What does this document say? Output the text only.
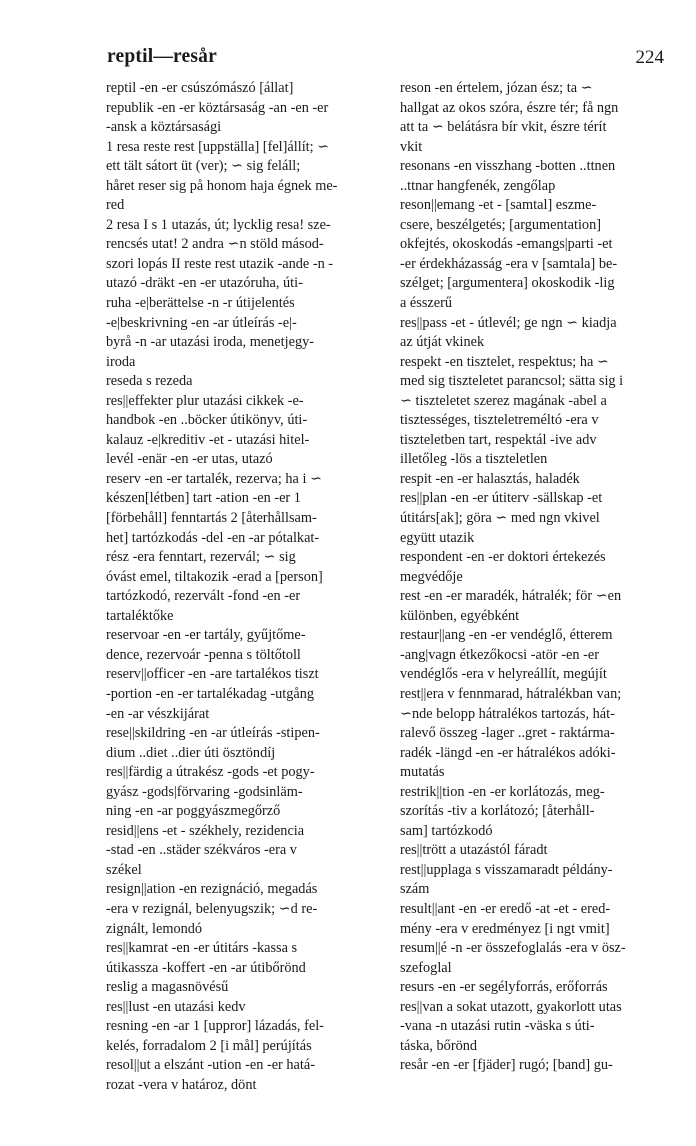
reptil—resår	224
reptil -en -er csúszómászó [állat]
republik -en -er köztársaság -an -en -er
-ansk a köztársasági
1 resa reste rest [uppställa] [fel]állít; ∽
ett tält sátort üt (ver); ∽ sig feláll;
håret reser sig på honom haja égnek me-
red
2 resa I s 1 utazás, út; lycklig resa! sze-
rencsés utat! 2 andra ∽n stöld másod-
szori lopás II reste rest utazik -ande -n -
utazó -dräkt -en -er utazóruha, úti-
ruha -e|berättelse -n -r útijelentés
-e|beskrivning -en -ar útleírás -e|-
byrå -n -ar utazási iroda, menetjegy-
iroda
reseda s rezeda
res||effekter plur utazási cikkek -e-
handbok -en ..böcker útikönyv, úti-
kalauz -e|kreditiv -et - utazási hitel-
levél -enär -en -er utas, utazó
reserv -en -er tartalék, rezerva; ha i ∽
készen[létben] tart -ation -en -er 1
[förbehåll] fenntartás 2 [återhållsam-
het] tartózkodás -del -en -ar pótalkat-
rész -era fenntart, rezervál; ∽ sig
óvást emel, tiltakozik -erad a [person]
tartózkodó, rezervált -fond -en -er
tartaléktőke
reservoar -en -er tartály, gyűjtőme-
dence, rezervoár -penna s töltőtoll
reserv||officer -en -are tartalékos tiszt
-portion -en -er tartalékadag -utgång
-en -ar vészkijárat
rese||skildring -en -ar útleírás -stipen-
dium ..diet ..dier úti ösztöndíj
res||färdig a útrakész -gods -et pogy-
gyász -gods|förvaring -godsinläm-
ning -en -ar poggyászmegőrző
resid||ens -et - székhely, rezidencia
-stad -en ..städer székváros -era v
székel
resign||ation -en rezignáció, megadás
-era v rezignál, belenyugszik; ∽d re-
zignált, lemondó
res||kamrat -en -er útitárs -kassa s
útikassza -koffert -en -ar útibőrönd
reslig a magasnövésű
res||lust -en utazási kedv
resning -en -ar 1 [uppror] lázadás, fel-
kelés, forradalom 2 [i mål] perújítás
resol||ut a elszánt -ution -en -er hatá-
rozat -vera v határoz, dönt
reson -en értelem, józan ész; ta ∽
hallgat az okos szóra, észre tér; få ngn
att ta ∽ belátásra bír vkit, észre térít
vkit
resonans -en visszhang -botten ..ttnen
..ttnar hangfenék, zengőlap
reson||emang -et - [samtal] eszme-
csere, beszélgetés; [argumentation]
okfejtés, okoskodás -emangs|parti -et
-er érdekházasság -era v [samtala] be-
szélget; [argumentera] okoskodik -lig
a ésszerű
res||pass -et - útlevél; ge ngn ∽ kiadja
az útját vkinek
respekt -en tisztelet, respektus; ha ∽
med sig tiszteletet parancsol; sätta sig i
∽ tiszteletet szerez magának -abel a
tisztességes, tiszteletreméltó -era v
tiszteletben tart, respektál -ive adv
illetőleg -lös a tiszteletlen
respit -en -er halasztás, haladék
res||plan -en -er útiterv -sällskap -et
útitárs[ak]; göra ∽ med ngn vkivel
együtt utazik
respondent -en -er doktori értekezés
megvédője
rest -en -er maradék, hátralék; för ∽en
különben, egyébként
restaur||ang -en -er vendéglő, étterem
-ang|vagn étkezőkocsi -atör -en -er
vendéglős -era v helyreállít, megújít
rest||era v fennmarad, hátralékban van;
∽nde belopp hátralékos tartozás, hát-
ralevő összeg -lager ..gret - raktárma-
radék -längd -en -er hátralékos adóki-
mutatás
restrik||tion -en -er korlátozás, meg-
szorítás -tiv a korlátozó; [återhåll-
sam] tartózkodó
res||trött a utazástól fáradt
rest||upplaga s visszamaradt példány-
szám
result||ant -en -er eredő -at -et - ered-
mény -era v eredményez [i ngt vmit]
resum||é -n -er összefoglalás -era v ösz-
szefoglal
resurs -en -er segélyforrás, erőforrás
res||van a sokat utazott, gyakorlott utas
-vana -n utazási rutin -väska s úti-
táska, bőrönd
resår -en -er [fjäder] rugó; [band] gu-
